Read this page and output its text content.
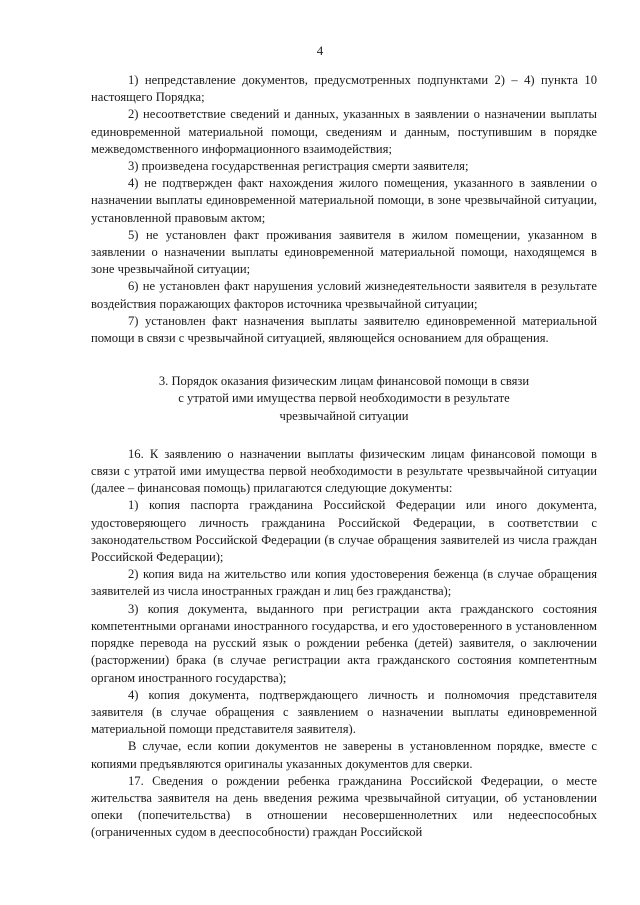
4

1) непредставление документов, предусмотренных подпунктами 2) – 4) пункта 10 настоящего Порядка;

2) несоответствие сведений и данных, указанных в заявлении о назначении выплаты единовременной материальной помощи, сведениям и данным, поступившим в порядке межведомственного информационного взаимодействия;

3) произведена государственная регистрация смерти заявителя;

4) не подтвержден факт нахождения жилого помещения, указанного в заявлении о назначении выплаты единовременной материальной помощи, в зоне чрезвычайной ситуации, установленной правовым актом;

5) не установлен факт проживания заявителя в жилом помещении, указанном в заявлении о назначении выплаты единовременной материальной помощи, находящемся в зоне чрезвычайной ситуации;

6) не установлен факт нарушения условий жизнедеятельности заявителя в результате воздействия поражающих факторов источника чрезвычайной ситуации;

7) установлен факт назначения выплаты заявителю единовременной материальной помощи в связи с чрезвычайной ситуацией, являющейся основанием для обращения.

3. Порядок оказания физическим лицам финансовой помощи в связи
с утратой ими имущества первой необходимости в результате
чрезвычайной ситуации

16. К заявлению о назначении выплаты физическим лицам финансовой помощи в связи с утратой ими имущества первой необходимости в результате чрезвычайной ситуации (далее – финансовая помощь) прилагаются следующие документы:

1) копия паспорта гражданина Российской Федерации или иного документа, удостоверяющего личность гражданина Российской Федерации, в соответствии с законодательством Российской Федерации (в случае обращения заявителей из числа граждан Российской Федерации);

2) копия вида на жительство или копия удостоверения беженца (в случае обращения заявителей из числа иностранных граждан и лиц без гражданства);

3) копия документа, выданного при регистрации акта гражданского состояния компетентными органами иностранного государства, и его удостоверенного в установленном порядке перевода на русский язык о рождении ребенка (детей) заявителя, о заключении (расторжении) брака (в случае регистрации акта гражданского состояния компетентным органом иностранного государства);

4) копия документа, подтверждающего личность и полномочия представителя заявителя (в случае обращения с заявлением о назначении выплаты единовременной материальной помощи представителя заявителя).

В случае, если копии документов не заверены в установленном порядке, вместе с копиями предъявляются оригиналы указанных документов для сверки.

17. Сведения о рождении ребенка гражданина Российской Федерации, о месте жительства заявителя на день введения режима чрезвычайной ситуации, об установлении опеки (попечительства) в отношении несовершеннолетних или недееспособных (ограниченных судом в дееспособности) граждан Российской
